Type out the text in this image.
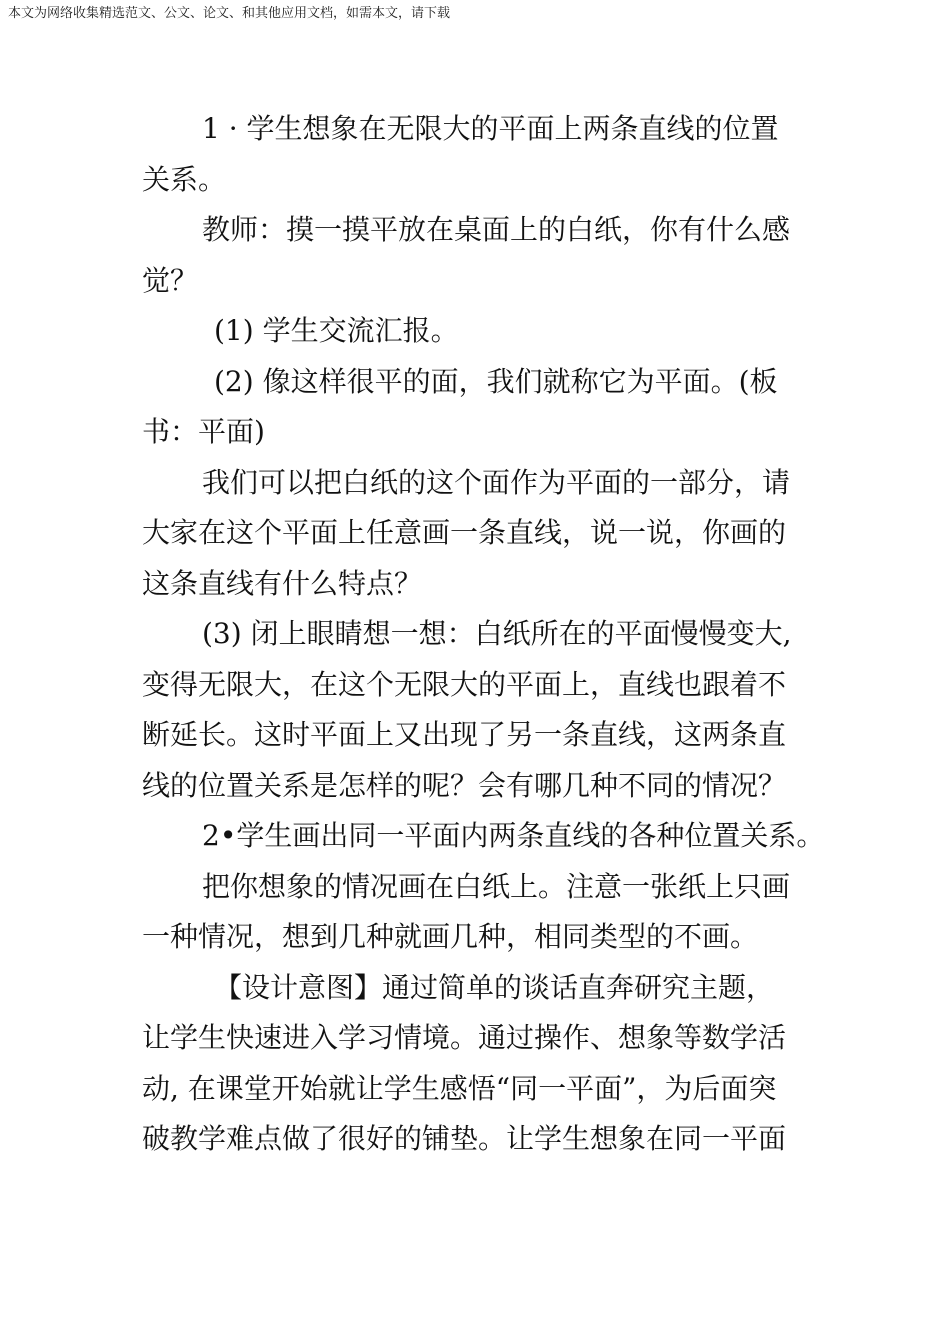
本文为网络收集精选范文、公文、论文、和其他应用文档，如需本文，请下载
1 · 学生想象在无限大的平面上两条直线的位置
关系。
教师：摸一摸平放在桌面上的白纸，你有什么感
觉？
(1) 学生交流汇报。
(2) 像这样很平的面，我们就称它为平面。(板
书：平面)
我们可以把白纸的这个面作为平面的一部分，请
大家在这个平面上任意画一条直线，说一说，你画的
这条直线有什么特点？
(3) 闭上眼睛想一想：白纸所在的平面慢慢变大,
变得无限大，在这个无限大的平面上，直线也跟着不
断延长。这时平面上又出现了另一条直线，这两条直
线的位置关系是怎样的呢？会有哪几种不同的情况？
2•学生画出同一平面内两条直线的各种位置关系。
把你想象的情况画在白纸上。注意一张纸上只画
一种情况，想到几种就画几种，相同类型的不画。
【设计意图】通过简单的谈话直奔研究主题，
让学生快速进入学习情境。通过操作、想象等数学活
动, 在课堂开始就让学生感悟“同一平面”，为后面突
破教学难点做了很好的铺垫。让学生想象在同一平面
